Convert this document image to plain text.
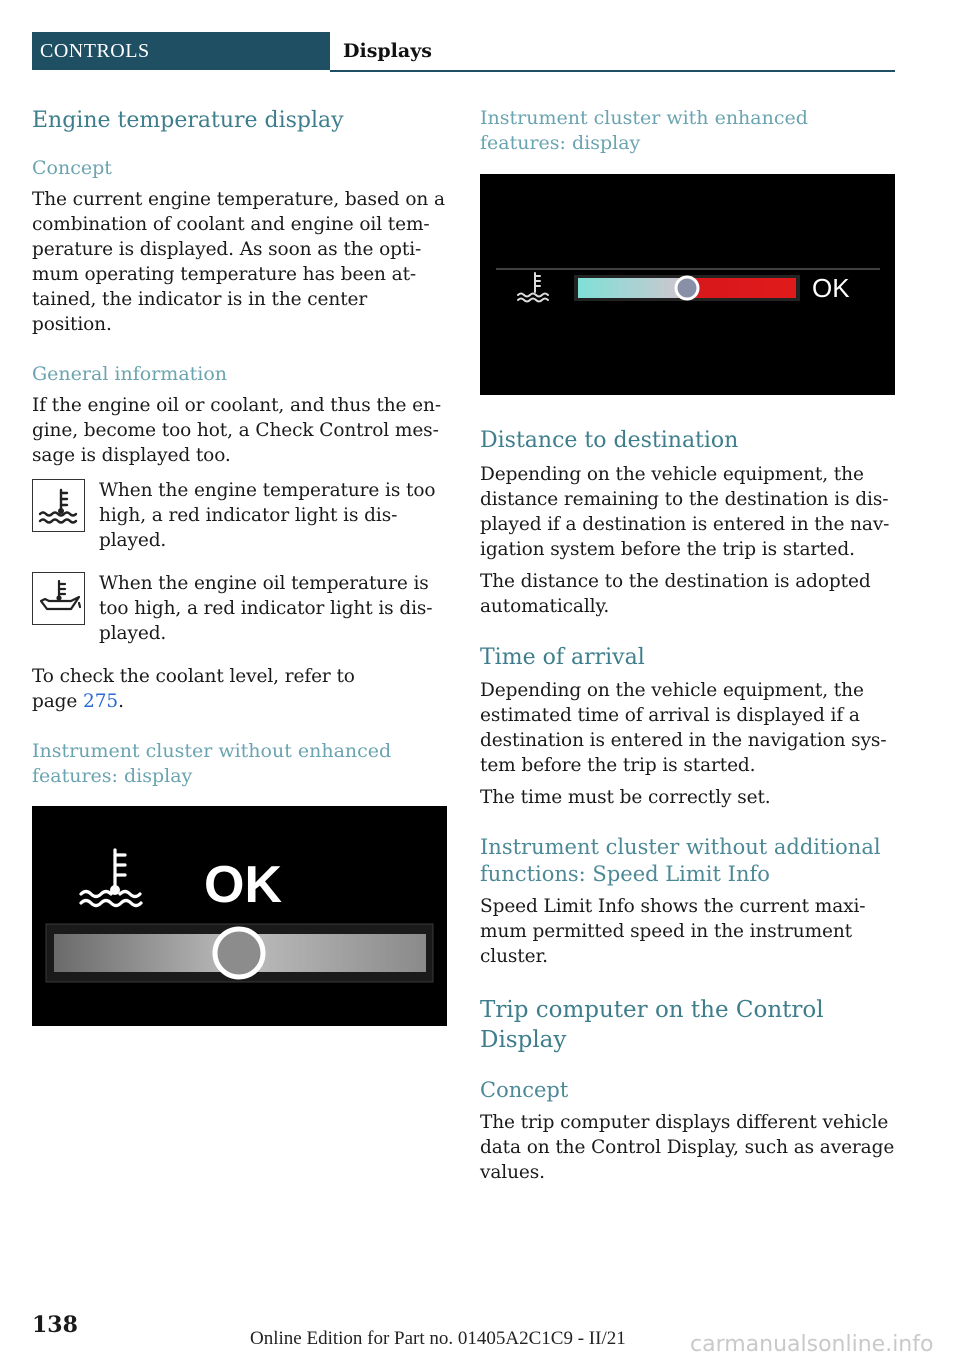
CONTROLS	Displays
Engine temperature display
Concept

The current engine temperature, based on a combination of coolant and engine oil tem-perature is displayed. As soon as the opti-mum operating temperature has been at-tained, the indicator is in the center position.

General information

If the engine oil or coolant, and thus the en-gine, become too hot, a Check Control mes-sage is displayed too.

When the engine temperature is too high, a red indicator light is dis-played.

When the engine oil temperature is too high, a red indicator light is dis-played.

To check the coolant level, refer to page 275.

Instrument cluster without enhanced features: display
OK
Instrument cluster with enhanced features: display
OK
Distance to destination

Depending on the vehicle equipment, the distance remaining to the destination is dis-played if a destination is entered in the nav-igation system before the trip is started.

The distance to the destination is adopted automatically.

Time of arrival

Depending on the vehicle equipment, the estimated time of arrival is displayed if a destination is entered in the navigation sys-tem before the trip is started.

The time must be correctly set.

Instrument cluster without additional functions: Speed Limit Info

Speed Limit Info shows the current maxi-mum permitted speed in the instrument cluster.

Trip computer on the Control Display
Concept

The trip computer displays different vehicle data on the Control Display, such as average values.

138
Online Edition for Part no. 01405A2C1C9 - II/21	carmanualsonline.info
